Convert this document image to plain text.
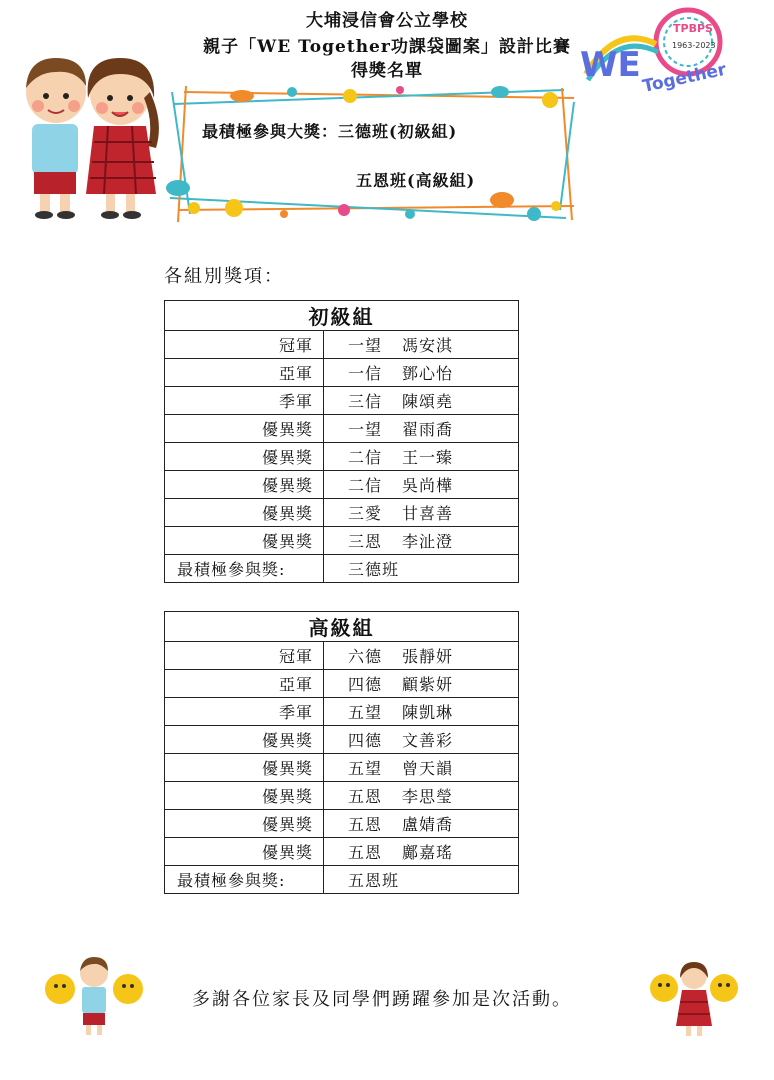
大埔浸信會公立學校
親子「WE Together功課袋圖案」設計比賽
得獎名單	WE Together
TPBPS
1963-2023
最積極參與大獎：三德班(初級組)
五恩班(高級組)
各組別獎項：
初級組	
冠軍	一望 馮安淇
亞軍	一信 鄧心怡
季軍	三信 陳頌堯
優異獎	一望 翟雨喬
優異獎	二信 王一臻
優異獎	二信 吳尚樺
優異獎	三愛 甘喜善
優異獎	三恩 李沚澄
最積極參與獎:	三德班
高級組	
冠軍	六德 張靜妍
亞軍	四德 顧紫妍
季軍	五望 陳凱琳
優異獎	四德 文善彩
優異獎	五望 曾天韻
優異獎	五恩 李思瑩
優異獎	五恩 盧婧喬
優異獎	五恩 鄺嘉瑤
最積極參與獎:	五恩班
多謝各位家長及同學們踴躍參加是次活動。
